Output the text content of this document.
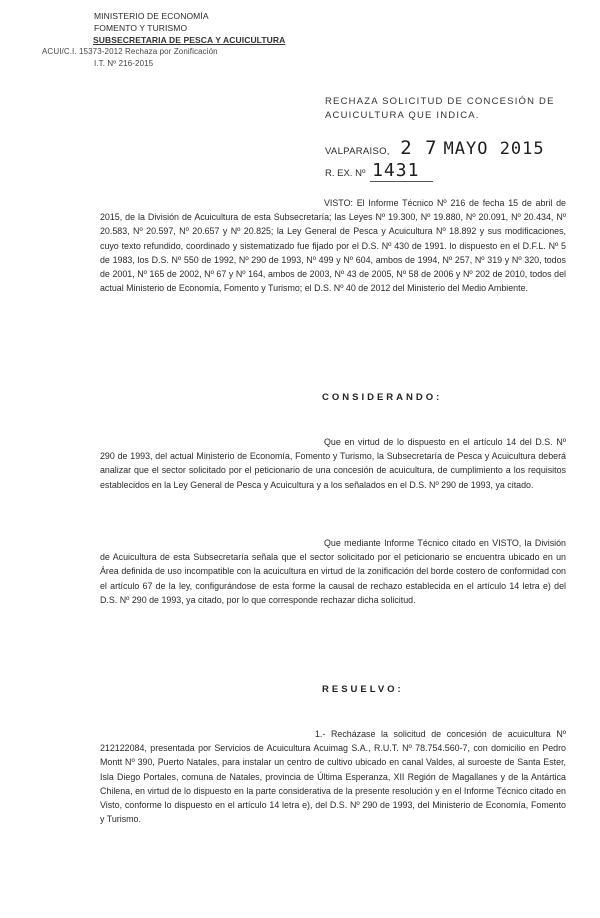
MINISTERIO DE ECONOMÍA
FOMENTO Y TURISMO
SUBSECRETARIA DE PESCA Y ACUICULTURA
ACUI/C.I. 15373-2012 Rechaza por Zonificación
I.T. Nº 216-2015
RECHAZA SOLICITUD DE CONCESIÓN DE ACUICULTURA QUE INDICA.
VALPARAISO, 2 7 MAYO 2015
R. EX. Nº 1431
VISTO: El Informe Técnico Nº 216 de fecha 15 de abril de 2015, de la División de Acuicultura de esta Subsecretaría; las Leyes Nº 19.300, Nº 19.880, Nº 20.091, Nº 20.434, Nº 20.583, Nº 20.597, Nº 20.657 y Nº 20.825; la Ley General de Pesca y Acuicultura Nº 18.892 y sus modificaciones, cuyo texto refundido, coordinado y sistematizado fue fijado por el D.S. Nº 430 de 1991. lo dispuesto en el D.F.L. Nº 5 de 1983, los D.S. Nº 550 de 1992, Nº 290 de 1993, Nº 499 y Nº 604, ambos de 1994, Nº 257, Nº 319 y Nº 320, todos de 2001, Nº 165 de 2002, Nº 67 y Nº 164, ambos de 2003, Nº 43 de 2005, Nº 58 de 2006 y Nº 202 de 2010, todos del actual Ministerio de Economía, Fomento y Turismo; el D.S. Nº 40 de 2012 del Ministerio del Medio Ambiente.
CONSIDERANDO:
Que en virtud de lo dispuesto en el artículo 14 del D.S. Nº 290 de 1993, del actual Ministerio de Economía, Fomento y Turismo, la Subsecretaría de Pesca y Acuicultura deberá analizar que el sector solicitado por el peticionario de una concesión de acuicultura, de cumplimiento a los requisitos establecidos en la Ley General de Pesca y Acuicultura y a los señalados en el D.S. Nº 290 de 1993, ya citado.
Que mediante Informe Técnico citado en VISTO, la División de Acuicultura de esta Subsecretaría señala que el sector solicitado por el peticionario se encuentra ubicado en un Área definida de uso incompatible con la acuicultura en virtud de la zonificación del borde costero de conformidad con el artículo 67 de la ley, configurándose de esta forme la causal de rechazo establecida en el artículo 14 letra e) del D.S. Nº 290 de 1993, ya citado, por lo que corresponde rechazar dicha solicitud.
RESUELVO:
1.- Recházase la solicitud de concesión de acuicultura Nº 212122084, presentada por Servicios de Acuicultura Acuimag S.A., R.U.T. Nº 78.754.560-7, con domicilio en Pedro Montt Nº 390, Puerto Natales, para instalar un centro de cultivo ubicado en canal Valdes, al suroeste de Santa Ester, Isla Diego Portales, comuna de Natales, provincia de Última Esperanza, XII Región de Magallanes y de la Antártica Chilena, en virtud de lo dispuesto en la parte considerativa de la presente resolución y en el Informe Técnico citado en Visto, conforme lo dispuesto en el artículo 14 letra e), del D.S. Nº 290 de 1993, del Ministerio de Economía, Fomento y Turismo.
